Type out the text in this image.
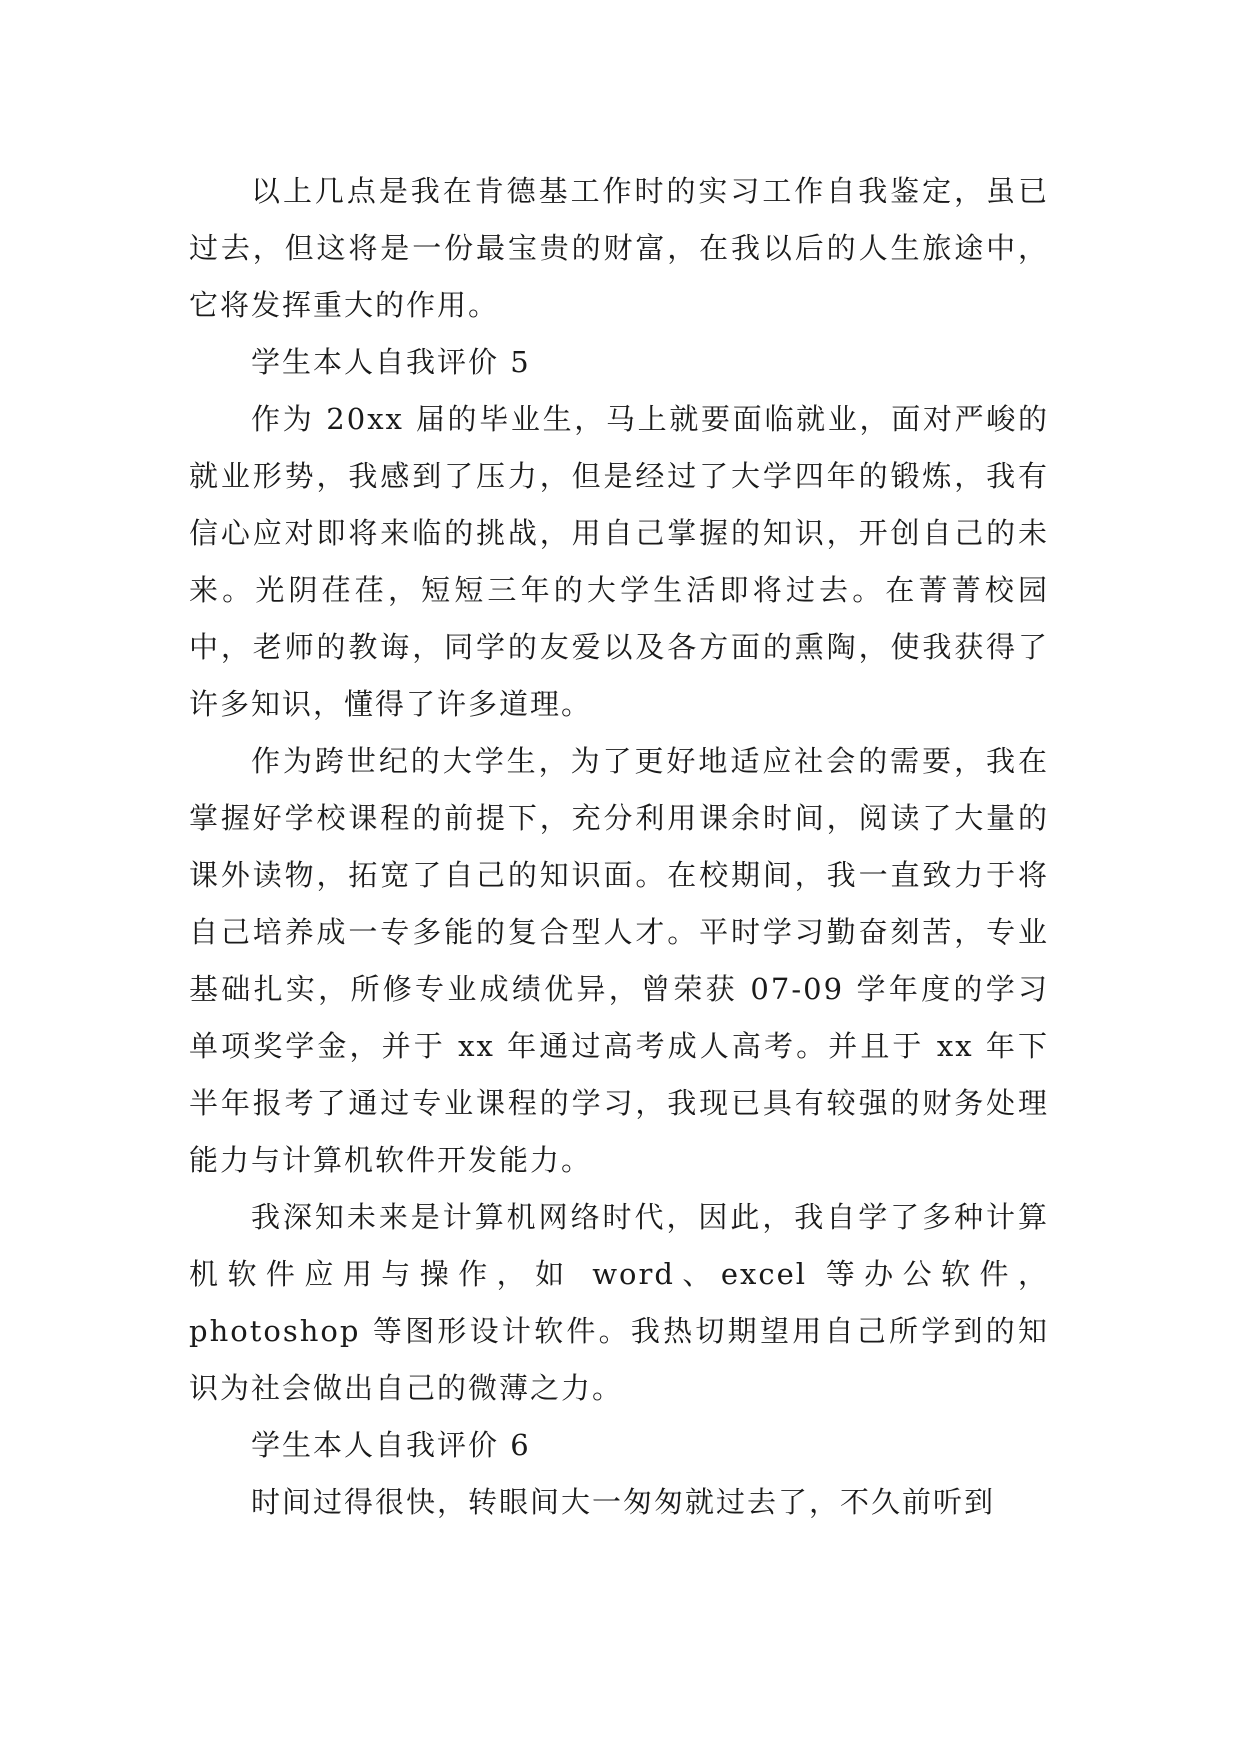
以上几点是我在肯德基工作时的实习工作自我鉴定，虽已过去，但这将是一份最宝贵的财富，在我以后的人生旅途中，它将发挥重大的作用。

学生本人自我评价 5

作为 20xx 届的毕业生，马上就要面临就业，面对严峻的就业形势，我感到了压力，但是经过了大学四年的锻炼，我有信心应对即将来临的挑战，用自己掌握的知识，开创自己的未来。光阴荏荏，短短三年的大学生活即将过去。在菁菁校园中，老师的教诲，同学的友爱以及各方面的熏陶，使我获得了许多知识，懂得了许多道理。

作为跨世纪的大学生，为了更好地适应社会的需要，我在掌握好学校课程的前提下，充分利用课余时间，阅读了大量的课外读物，拓宽了自己的知识面。在校期间，我一直致力于将自己培养成一专多能的复合型人才。平时学习勤奋刻苦，专业基础扎实，所修专业成绩优异，曾荣获 07-09 学年度的学习单项奖学金，并于 xx 年通过高考成人高考。并且于 xx 年下半年报考了通过专业课程的学习，我现已具有较强的财务处理能力与计算机软件开发能力。

我深知未来是计算机网络时代，因此，我自学了多种计算机软件应用与操作，如 word、excel 等办公软件，photoshop 等图形设计软件。我热切期望用自己所学到的知识为社会做出自己的微薄之力。

学生本人自我评价 6

时间过得很快，转眼间大一匆匆就过去了，不久前听到
